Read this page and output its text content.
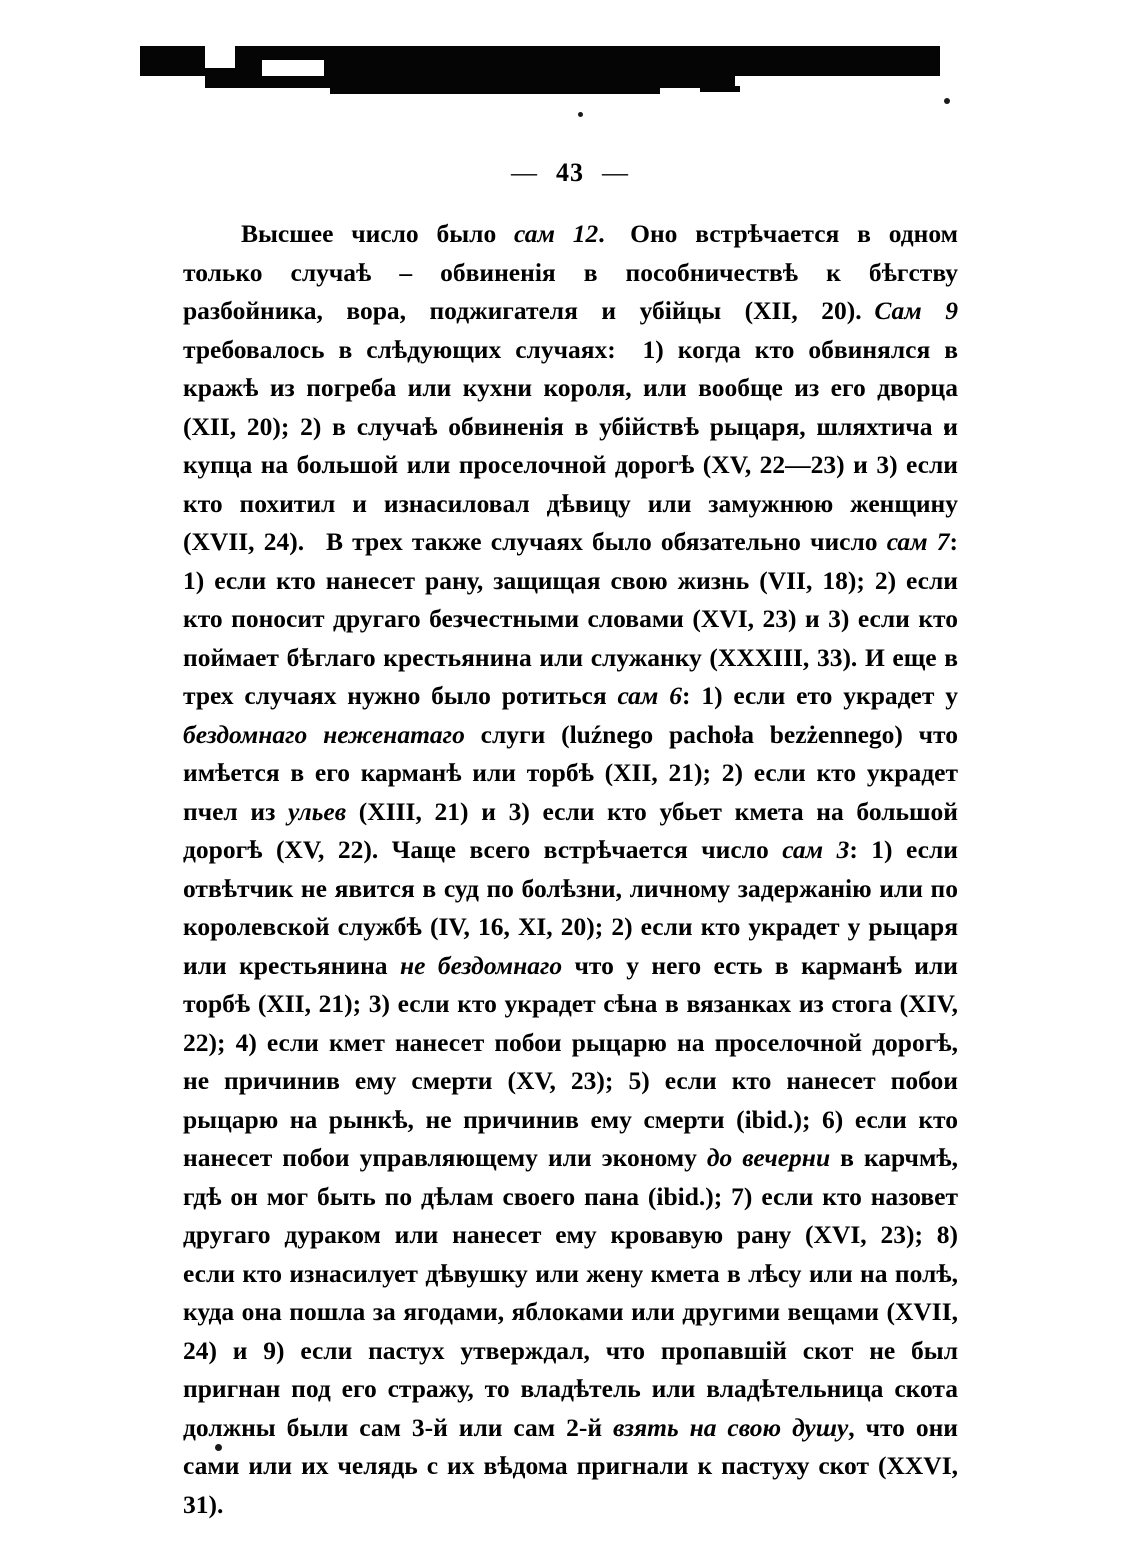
— 43 —

Высшее число было сам 12. Оно встрѣчается в одном только случаѣ – обвиненія в пособничествѣ к бѣгству разбойника, вора, поджигателя и убійцы (XII, 20). Сам 9 требовалось в слѣдующих случаях:  1) когда кто обвинялся в кражѣ из погреба или кухни короля, или вообще из его дворца (XII, 20); 2) в случаѣ обвиненія в убійствѣ рыцаря, шляхтича и купца на большой или проселочной дорогѣ (XV, 22—23) и 3) если кто похитил и изнасиловал дѣвицу или замужнюю женщину (XVII, 24).  В трех также случаях было обязательно число сам 7: 1) если кто нанесет рану, защищая свою жизнь (VII, 18); 2) если кто поносит другаго безчестными словами (XVI, 23) и 3) если кто поймает бѣглаго крестьянина или служанку (XXXIII, 33). И еще в трех случаях нужно было ротиться сам 6: 1) если ето украдет у бездомнаго неженатаго слуги (luźnego pachoła bezżennego) что имѣется в его карманѣ или торбѣ (XII, 21); 2) если кто украдет пчел из ульев (XIII, 21) и 3) если кто убьет кмета на большой дорогѣ (XV, 22). Чаще всего встрѣчается число сам 3: 1) если отвѣтчик не явится в суд по болѣзни, личному задержанію или по королевской службѣ (IV, 16, XI, 20); 2) если кто украдет у рыцаря или крестьянина не бездомнаго что у него есть в карманѣ или торбѣ (XII, 21); 3) если кто украдет сѣна в вязанках из стога (XIV, 22); 4) если кмет нанесет побои рыцарю на проселочной дорогѣ, не причинив ему смерти (XV, 23); 5) если кто нанесет побои рыцарю на рынкѣ, не причинив ему смерти (ibid.); 6) если кто нанесет побои управляющему или эконому до вечерни в карчмѣ, гдѣ он мог быть по дѣлам своего пана (ibid.); 7) если кто назовет другаго дураком или нанесет ему кровавую рану (XVI, 23); 8) если кто изнасилует дѣвушку или жену кмета в лѣсу или на полѣ, куда она пошла за ягодами, яблоками или другими вещами (XVII, 24) и 9) если пастух утверждал, что пропавшій скот не был пригнан под его стражу, то владѣтель или владѣтельница скота должны были сам 3-й или сам 2-й взять на свою душу, что они сами или их челядь с их вѣдома пригнали к пастуху скот (XXVI, 31).
